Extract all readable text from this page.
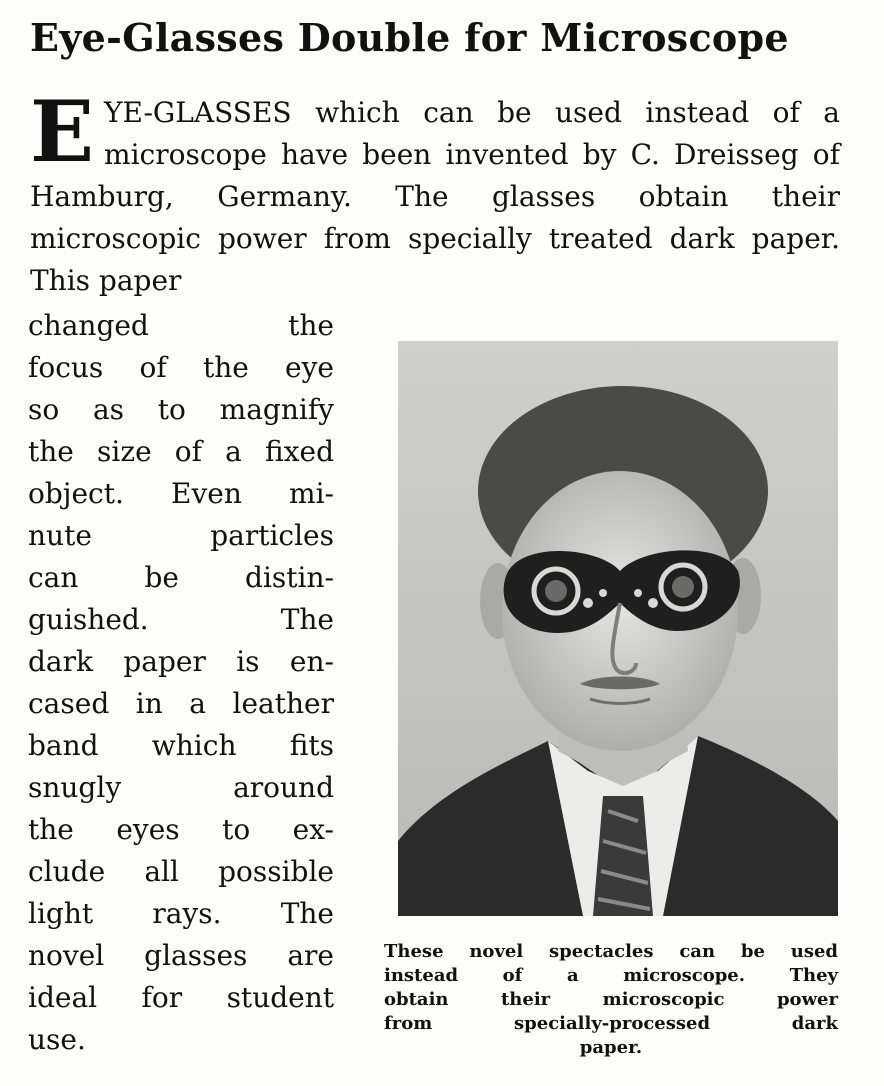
Eye-Glasses Double for Microscope
EYE-GLASSES which can be used instead of a microscope have been invented by C. Dreisseg of Hamburg, Germany. The glasses obtain their microscopic power from specially treated dark paper. This paper
changed the
focus of the eye
so as to magnify
the size of a fixed
object. Even mi-
nute particles
can be distin-
guished. The
dark paper is en-
cased in a leather
band which fits
snugly around
the eyes to ex-
clude all possible
light rays. The
novel glasses are
ideal for student
use.
These novel spectacles can be used
instead of a microscope. They
obtain their microscopic power
from specially-processed dark
paper.
